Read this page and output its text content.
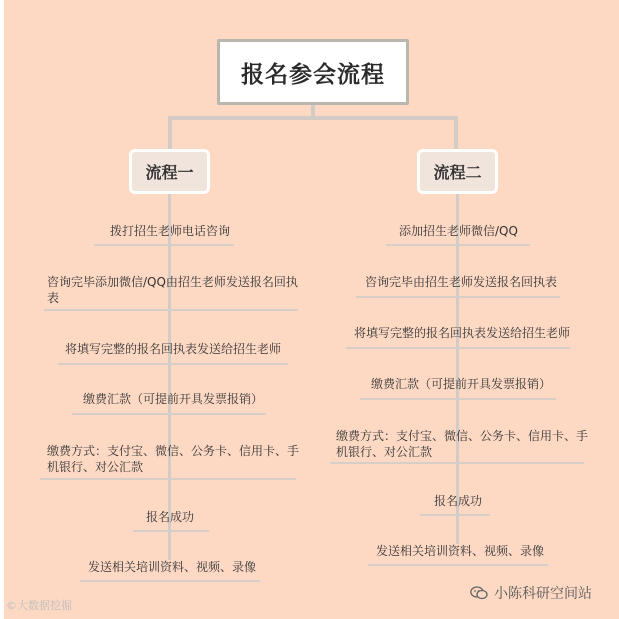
报名参会流程
流程一	流程二
拨打招生老师电话咨询
咨询完毕添加微信/QQ由招生老师发送报名回执
表
将填写完整的报名回执表发送给招生老师
缴费汇款（可提前开具发票报销）
缴费方式：支付宝、微信、公务卡、信用卡、手
机银行、对公汇款
报名成功
发送相关培训资料、视频、录像
添加招生老师微信/QQ
咨询完毕由招生老师发送报名回执表
将填写完整的报名回执表发送给招生老师
缴费汇款（可提前开具发票报销）
缴费方式：支付宝、微信、公务卡、信用卡、手
机银行、对公汇款
报名成功
发送相关培训资料、视频、录像
©大数据挖掘
小陈科研空间站
